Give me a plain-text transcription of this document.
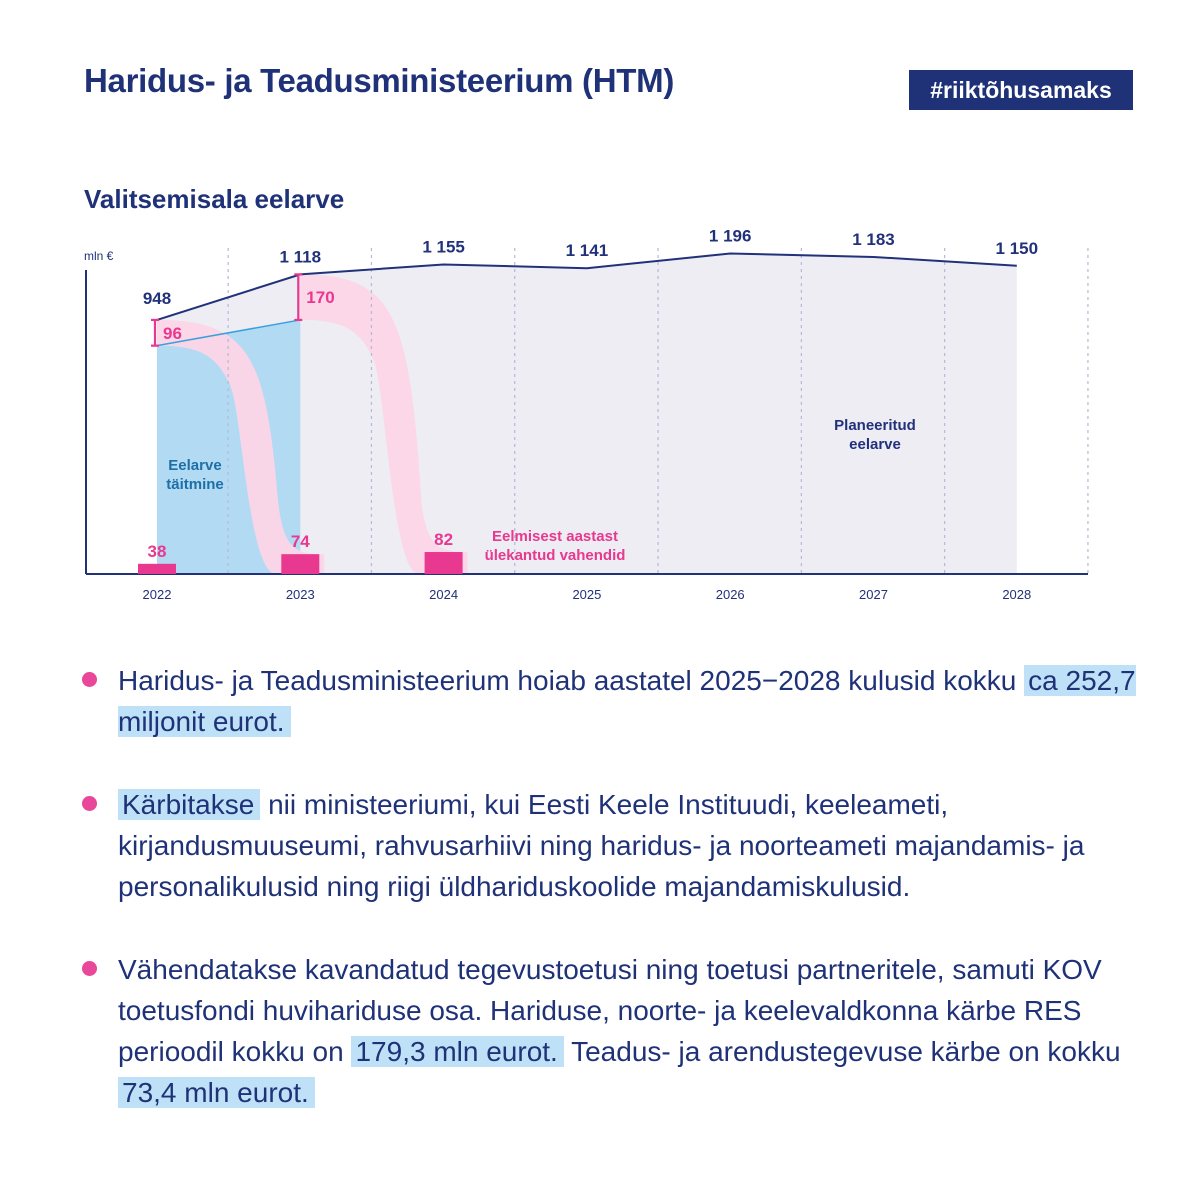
Haridus- ja Teadusministeerium (HTM)	#riiktõhusamaks
Valitsemisala eelarve
mln €
948
1 118
1 155	1 141
1 196	1 183	1 150
96
170
38
74	82
2022	2023	2024	2025	2026	2027	2028
Eelarve
täitmine
Eelmisest aastast
ülekantud vahendid
Planeeritud
eelarve
Haridus- ja Teadusministeerium hoiab aastatel 2025−2028 kulusid kokku ca 252,7 miljonit eurot.
Kärbitakse nii ministeeriumi, kui Eesti Keele Instituudi, keeleameti, kirjandusmuuseumi, rahvusarhiivi ning haridus- ja noorteameti majandamis- ja personalikulusid ning riigi üldhariduskoolide majandamiskulusid.
Vähendatakse kavandatud tegevustoetusi ning toetusi partneritele, samuti KOV toetusfondi huvihariduse osa. Hariduse, noorte- ja keelevaldkonna kärbe RES perioodil kokku on 179,3 mln eurot. Teadus- ja arendustegevuse kärbe on kokku 73,4 mln eurot.
